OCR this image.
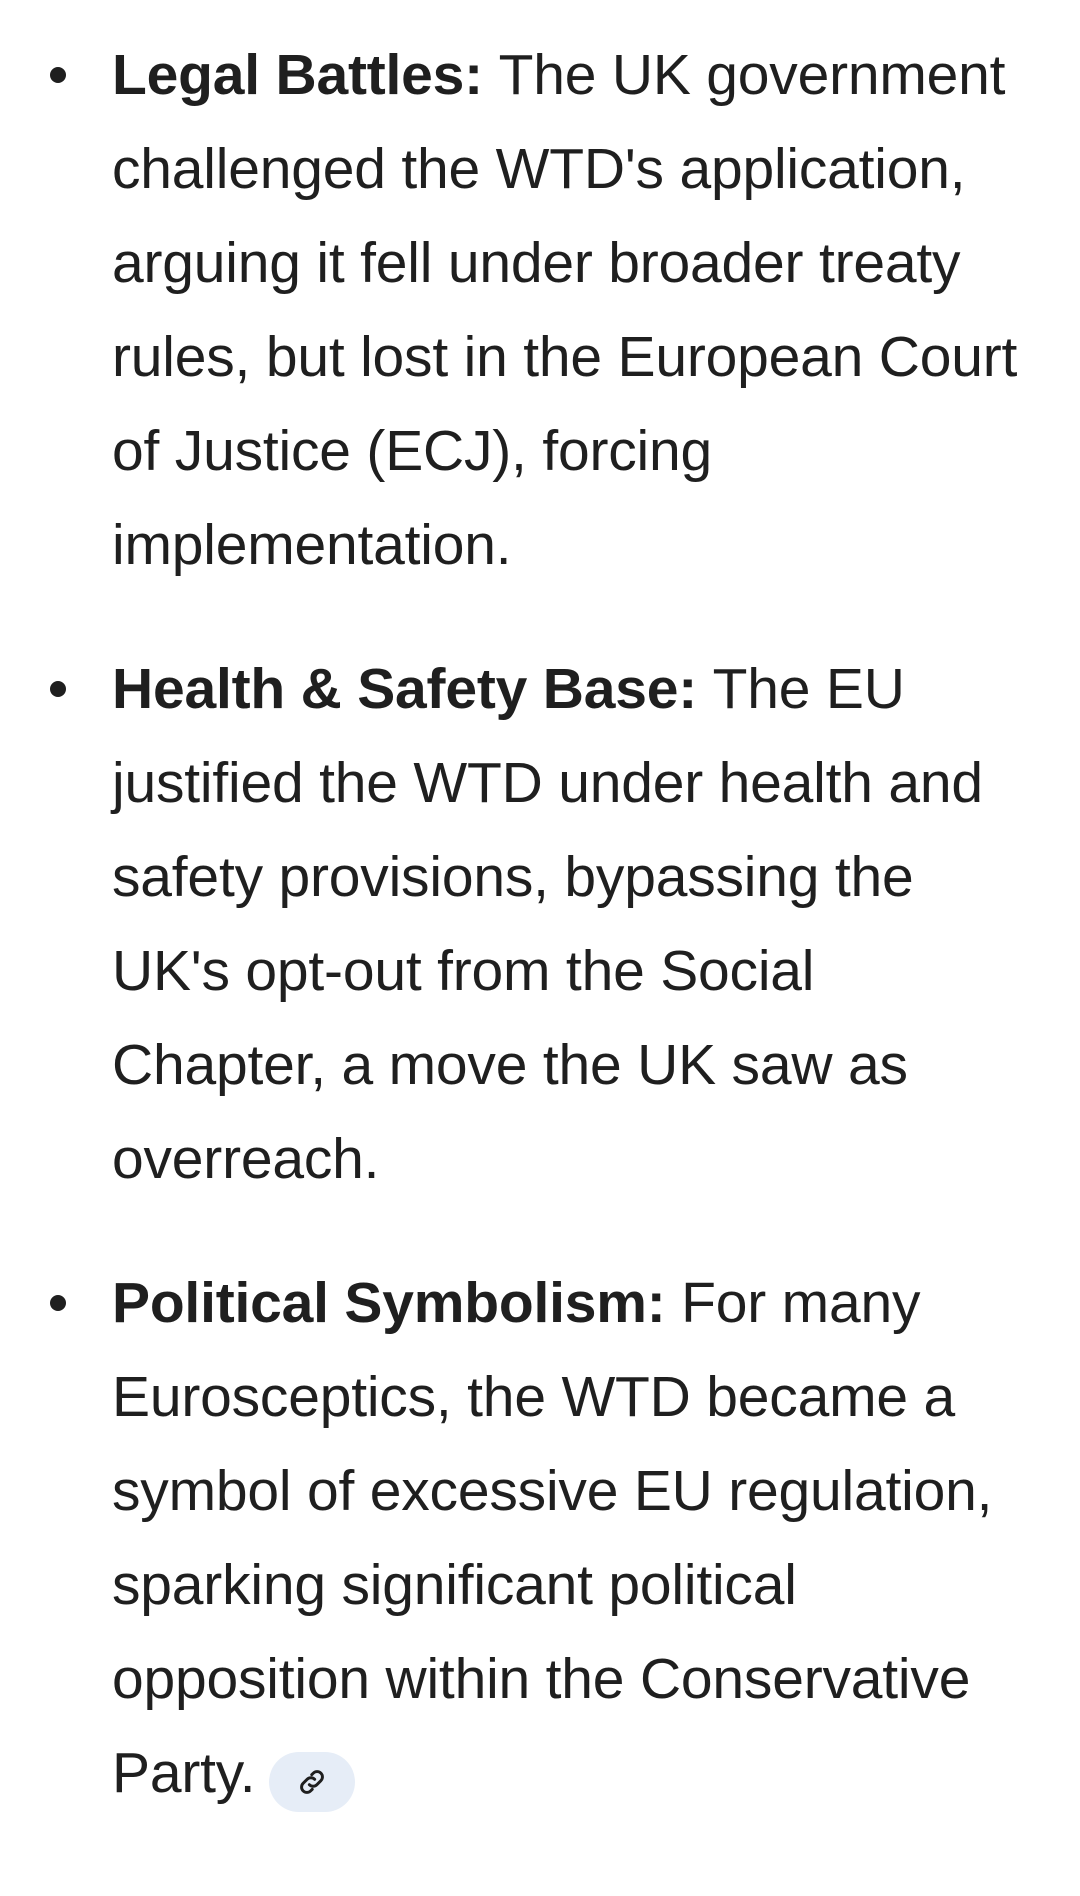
Legal Battles: The UK government challenged the WTD's application, arguing it fell under broader treaty rules, but lost in the European Court of Justice (ECJ), forcing implementation.
Health & Safety Base: The EU justified the WTD under health and safety provisions, bypassing the UK's opt-out from the Social Chapter, a move the UK saw as overreach.
Political Symbolism: For many Eurosceptics, the WTD became a symbol of excessive EU regulation, sparking significant political opposition within the Conservative Party.
